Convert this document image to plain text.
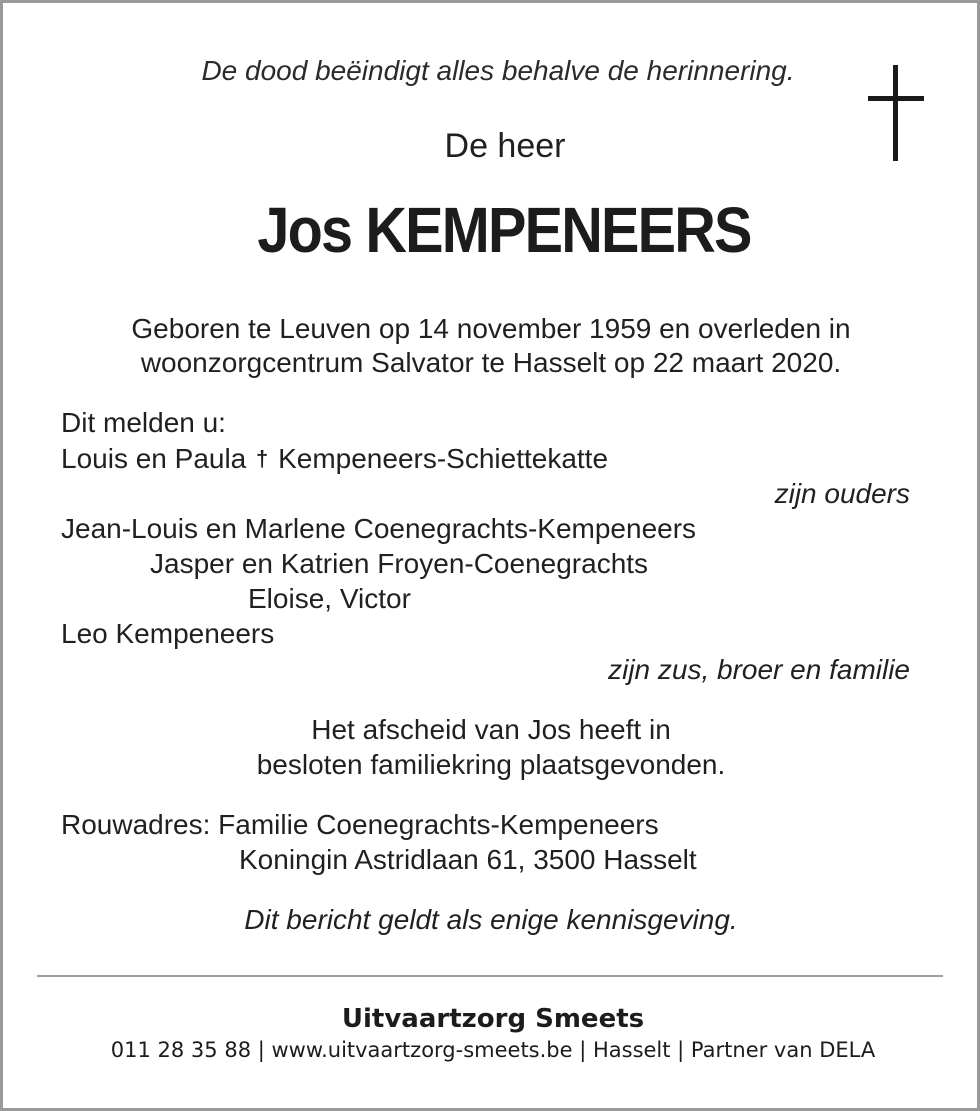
De dood beëindigt alles behalve de herinnering.
De heer
Jos KEMPENEERS
Geboren te Leuven op 14 november 1959 en overleden in
woonzorgcentrum Salvator te Hasselt op 22 maart 2020.
Dit melden u:
Louis en Paula † Kempeneers-Schiettekatte
zijn ouders
Jean-Louis en Marlene Coenegrachts-Kempeneers
Jasper en Katrien Froyen-Coenegrachts
Eloise, Victor
Leo Kempeneers
zijn zus, broer en familie
Het afscheid van Jos heeft in
besloten familiekring plaatsgevonden.
Rouwadres: Familie Coenegrachts-Kempeneers
Koningin Astridlaan 61, 3500 Hasselt
Dit bericht geldt als enige kennisgeving.
Uitvaartzorg Smeets
011 28 35 88 | www.uitvaartzorg-smeets.be | Hasselt | Partner van DELA
